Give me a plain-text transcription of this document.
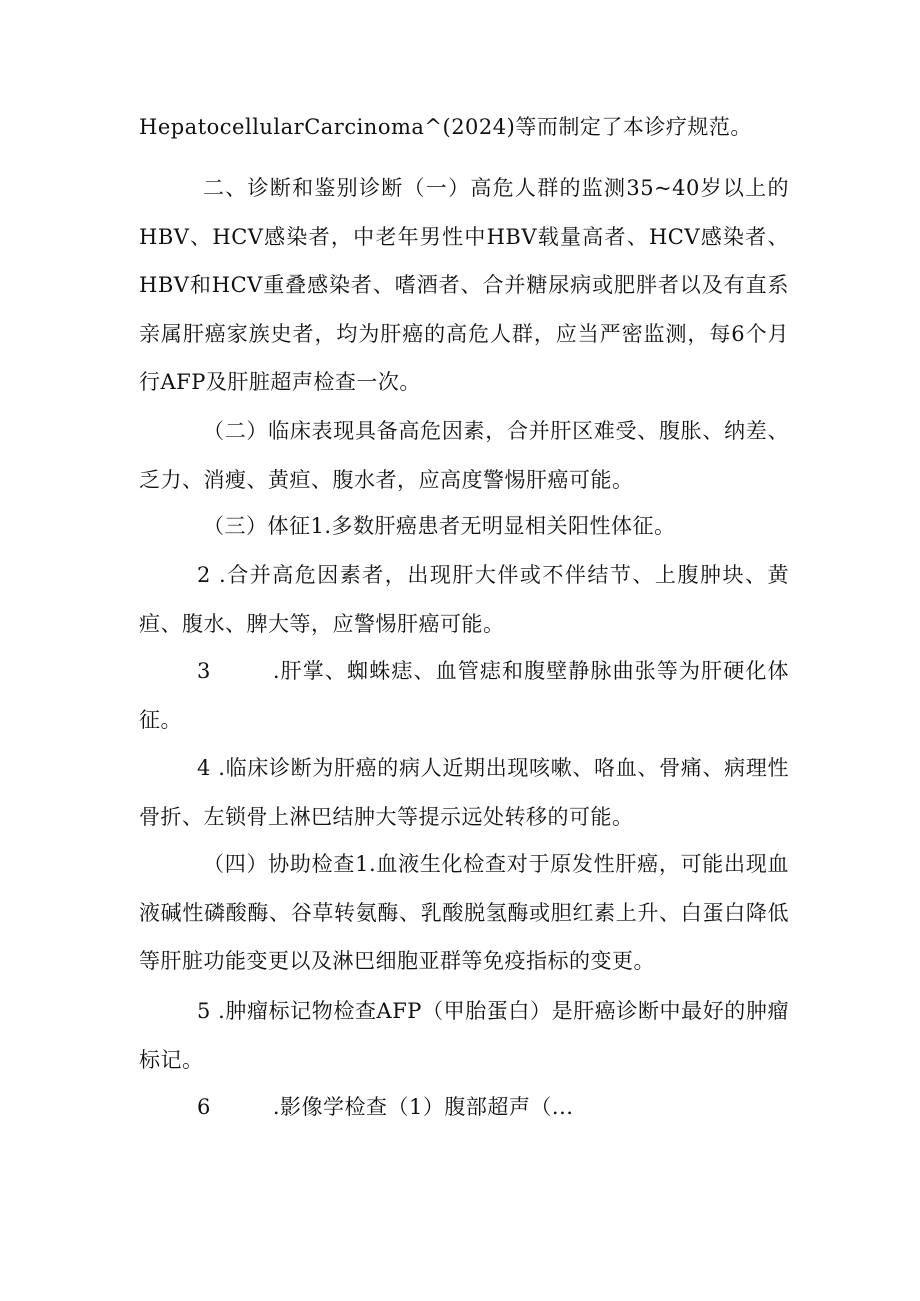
HepatocellularCarcinoma^(2024)等而制定了本诊疗规范。

二、诊断和鉴别诊断（一）高危人群的监测35~40岁以上的HBV、HCV感染者，中老年男性中HBV载量高者、HCV感染者、HBV和HCV重叠感染者、嗜酒者、合并糖尿病或肥胖者以及有直系亲属肝癌家族史者，均为肝癌的高危人群，应当严密监测，每6个月行AFP及肝脏超声检查一次。

（二）临床表现具备高危因素，合并肝区难受、腹胀、纳差、乏力、消瘦、黄疸、腹水者，应高度警惕肝癌可能。

（三）体征1.多数肝癌患者无明显相关阳性体征。

2 .合并高危因素者，出现肝大伴或不伴结节、上腹肿块、黄疸、腹水、脾大等，应警惕肝癌可能。

3	.肝掌、蜘蛛痣、血管痣和腹壁静脉曲张等为肝硬化体征。

4 .临床诊断为肝癌的病人近期出现咳嗽、咯血、骨痛、病理性骨折、左锁骨上淋巴结肿大等提示远处转移的可能。

（四）协助检查1.血液生化检查对于原发性肝癌，可能出现血液碱性磷酸酶、谷草转氨酶、乳酸脱氢酶或胆红素上升、白蛋白降低等肝脏功能变更以及淋巴细胞亚群等免疫指标的变更。

5 .肿瘤标记物检查AFP（甲胎蛋白）是肝癌诊断中最好的肿瘤标记。

6	.影像学检查（1）腹部超声（...
